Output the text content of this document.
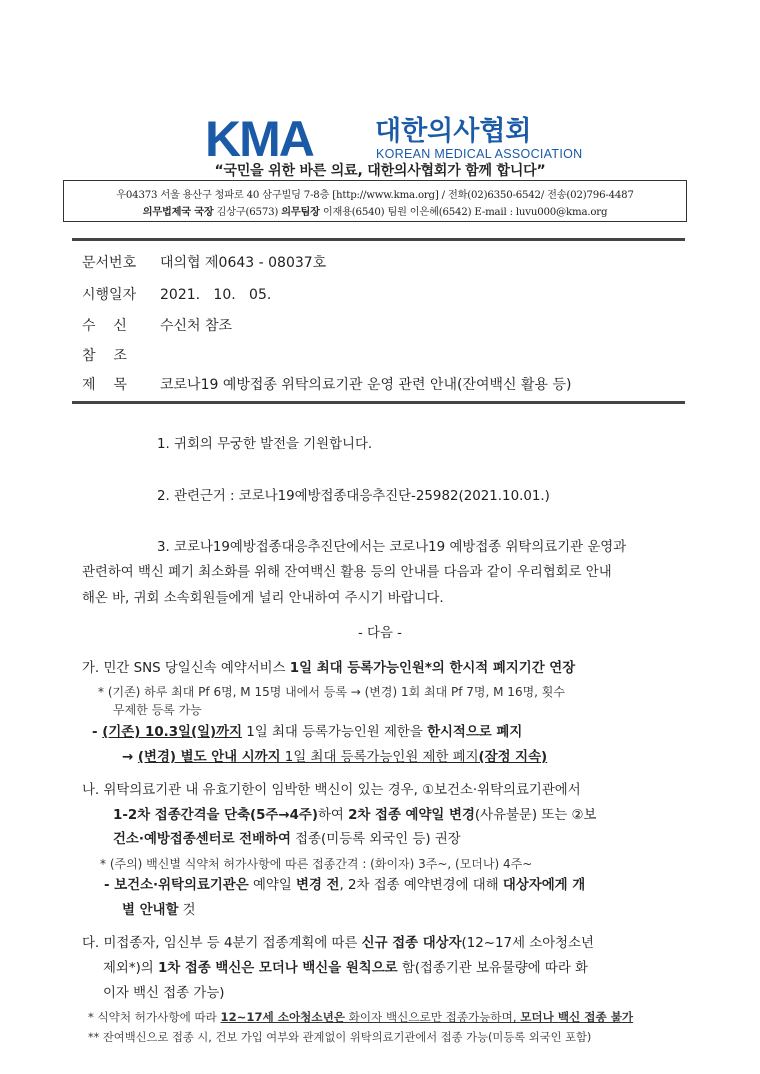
KMA 대한의사협회
KOREAN MEDICAL ASSOCIATION
“국민을 위한 바른 의료, 대한의사협회가 함께 합니다”
우04373 서울 용산구 청파로 40 삼구빌딩 7-8층 [http://www.kma.org] / 전화(02)6350-6542/ 전송(02)796-4487
의무법제국 국장 김상구(6573) 의무팀장 이재용(6540) 팀원 이은혜(6542) E-mail : luvu000@kma.org
문서번호 대의협 제0643 - 08037호
시행일자 2021.   10.   05.
수    신 수신처 참조
참    조
제    목 코로나19 예방접종 위탁의료기관 운영 관련 안내(잔여백신 활용 등)
1. 귀회의 무궁한 발전을 기원합니다.
2. 관련근거 : 코로나19예방접종대응추진단-25982(2021.10.01.)
3. 코로나19예방접종대응추진단에서는 코로나19 예방접종 위탁의료기관 운영과
관련하여 백신 폐기 최소화를 위해 잔여백신 활용 등의 안내를 다음과 같이 우리협회로 안내
해온 바, 귀회 소속회원들에게 널리 안내하여 주시기 바랍니다.
- 다음 -
가. 민간 SNS 당일신속 예약서비스 1일 최대 등록가능인원*의 한시적 폐지기간 연장
* (기존) 하루 최대 Pf 6명, M 15명 내에서 등록 → (변경) 1회 최대 Pf 7명, M 16명, 횟수
무제한 등록 가능
- (기존) 10.3일(일)까지 1일 최대 등록가능인원 제한을 한시적으로 폐지
→ (변경) 별도 안내 시까지 1일 최대 등록가능인원 제한 폐지(잠정 지속)
나. 위탁의료기관 내 유효기한이 임박한 백신이 있는 경우, ①보건소·위탁의료기관에서
1-2차 접종간격을 단축(5주→4주)하여 2차 접종 예약일 변경(사유불문) 또는 ②보
건소·예방접종센터로 전배하여 접종(미등록 외국인 등) 권장
* (주의) 백신별 식약처 허가사항에 따른 접종간격 : (화이자) 3주~, (모더나) 4주~
- 보건소·위탁의료기관은 예약일 변경 전, 2차 접종 예약변경에 대해 대상자에게 개
별 안내할 것
다. 미접종자, 임신부 등 4분기 접종계획에 따른 신규 접종 대상자(12~17세 소아청소년
제외*)의 1차 접종 백신은 모더나 백신을 원칙으로 함(접종기관 보유물량에 따라 화
이자 백신 접종 가능)
* 식약처 허가사항에 따라 12~17세 소아청소년은 화이자 백신으로만 접종가능하며, 모더나 백신 접종 불가
** 잔여백신으로 접종 시, 건보 가입 여부와 관계없이 위탁의료기관에서 접종 가능(미등록 외국인 포함)
